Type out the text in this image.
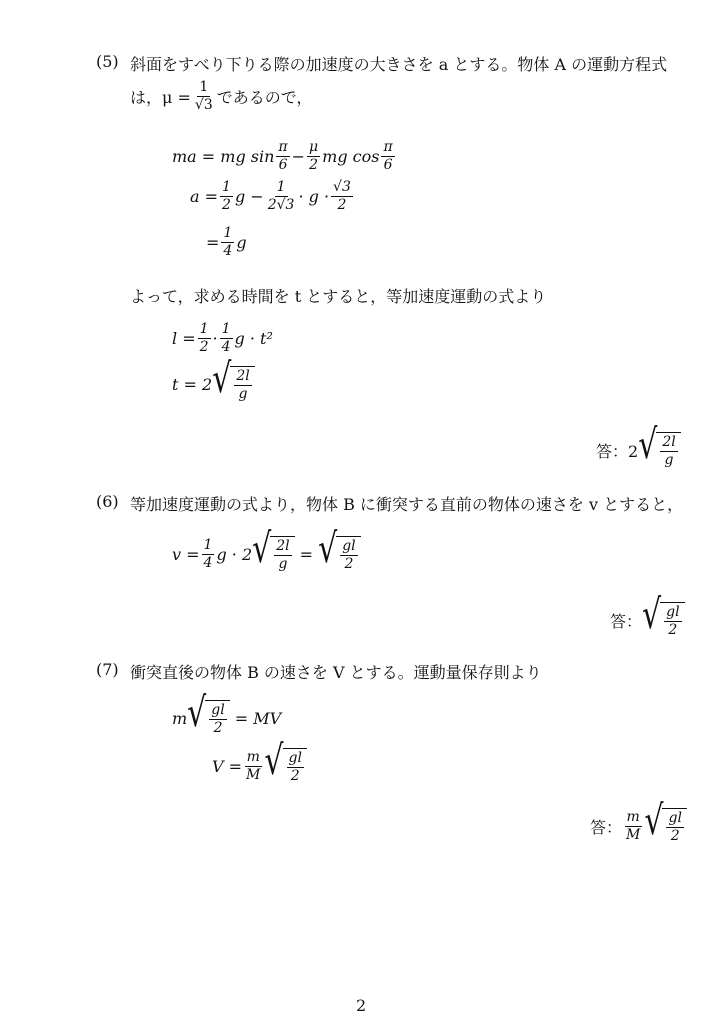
(5) 斜面をすべり下りる際の加速度の大きさを a とする。物体 A の運動方程式
は，$\mu = \frac{1}{√3}$ であるので，
ma = mg $\sin \frac{\pi}{6} - \frac{\mu}{2}$ mg $\cos \frac{\pi}{6}$
$a = \frac{1}{2}$ $g - \frac{1}{2√3} \cdot g \cdot \frac{√3}{2}$
= $\frac{1}{4}$ g
よって，求める時間を t とすると，等加速度運動の式より
$l = \frac{1}{2} \cdot \frac{1}{4}$ g · t²
t = 2 √ $\frac{2l}{g}$
答：2 √ $\frac{2l}{g}$
(6) 等加速度運動の式より，物体 B に衝突する直前の物体の速さを v とすると，
$v = \frac{1}{4}$ g · 2 √ $\frac{2l}{g}$ = √ $\frac{gl}{2}$
答： √ $\frac{gl}{2}$
(7) 衝突直後の物体 B の速さを V とする。運動量保存則より
m √ $\frac{gl}{2}$ = MV
$V = \frac{m}{M}$ √ $\frac{gl}{2}$
答： $\frac{m}{M}$ √ $\frac{gl}{2}$
2
